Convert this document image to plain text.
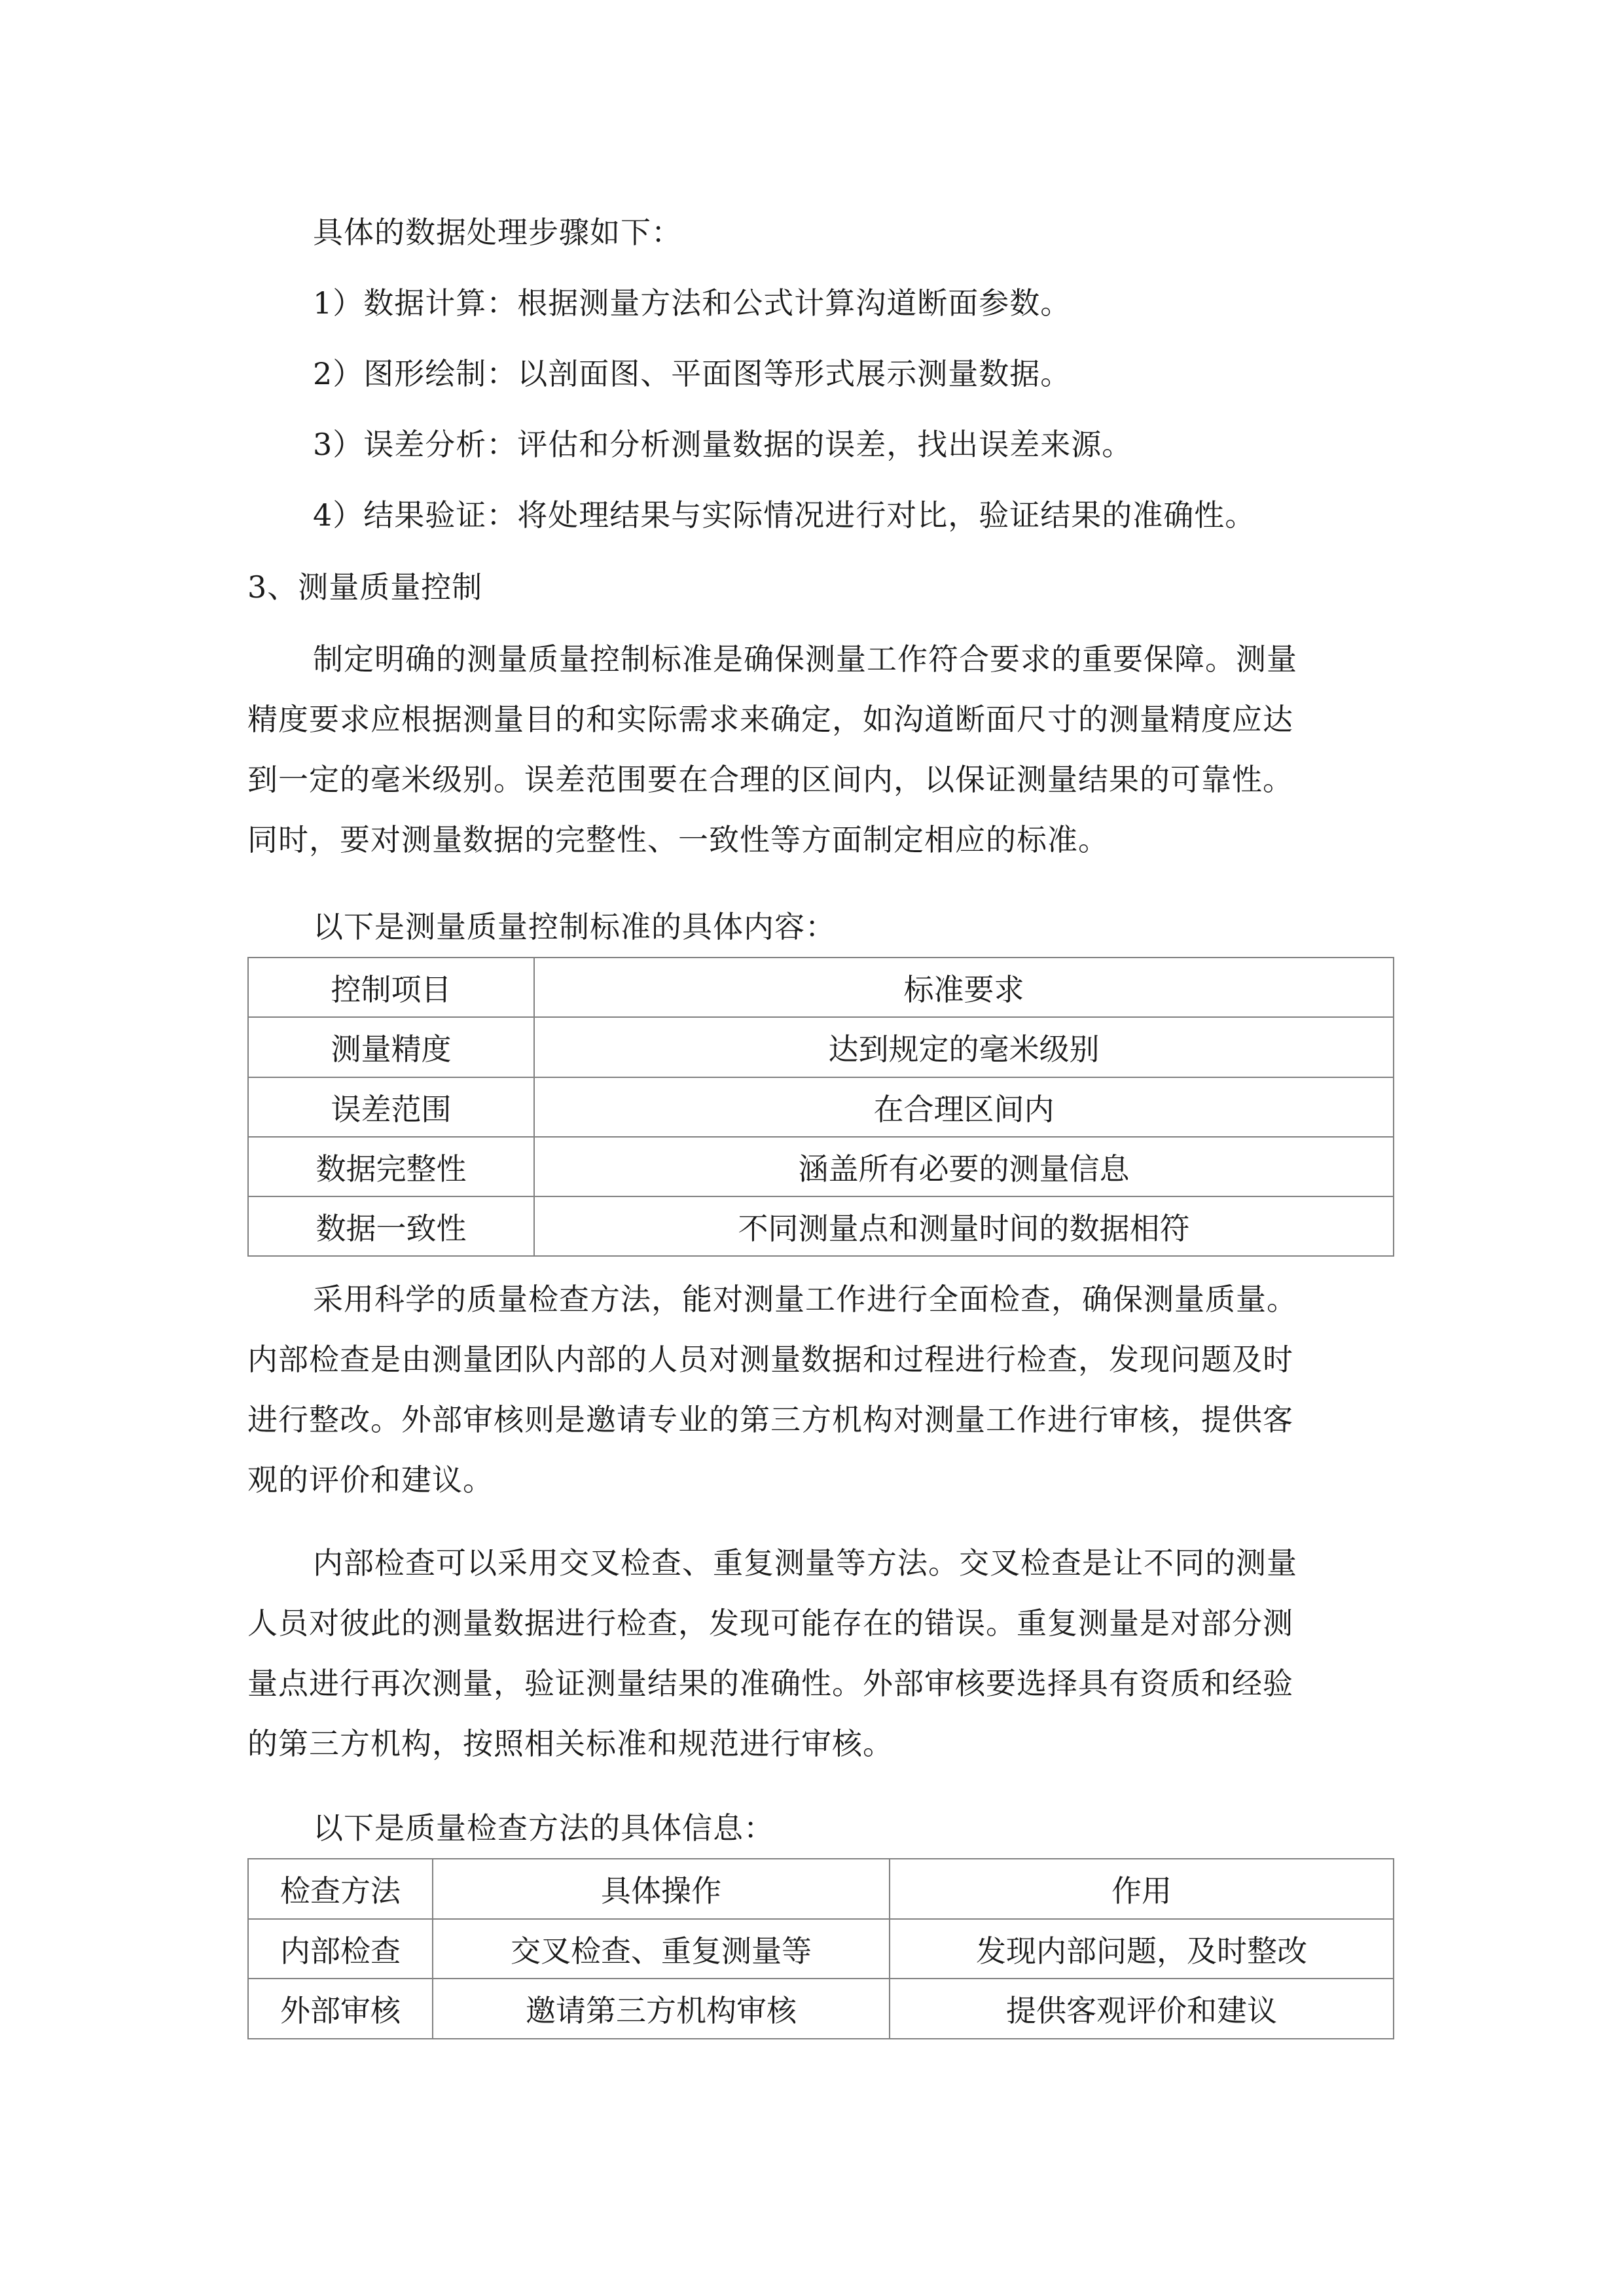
具体的数据处理步骤如下：
1）数据计算：根据测量方法和公式计算沟道断面参数。
2）图形绘制：以剖面图、平面图等形式展示测量数据。
3）误差分析：评估和分析测量数据的误差，找出误差来源。
4）结果验证：将处理结果与实际情况进行对比，验证结果的准确性。
3、测量质量控制
制定明确的测量质量控制标准是确保测量工作符合要求的重要保障。测量
精度要求应根据测量目的和实际需求来确定，如沟道断面尺寸的测量精度应达
到一定的毫米级别。误差范围要在合理的区间内，以保证测量结果的可靠性。
同时，要对测量数据的完整性、一致性等方面制定相应的标准。
以下是测量质量控制标准的具体内容：
控制项目	标准要求
测量精度	达到规定的毫米级别
误差范围	在合理区间内
数据完整性	涵盖所有必要的测量信息
数据一致性	不同测量点和测量时间的数据相符
采用科学的质量检查方法，能对测量工作进行全面检查，确保测量质量。
内部检查是由测量团队内部的人员对测量数据和过程进行检查，发现问题及时
进行整改。外部审核则是邀请专业的第三方机构对测量工作进行审核，提供客
观的评价和建议。
内部检查可以采用交叉检查、重复测量等方法。交叉检查是让不同的测量
人员对彼此的测量数据进行检查，发现可能存在的错误。重复测量是对部分测
量点进行再次测量，验证测量结果的准确性。外部审核要选择具有资质和经验
的第三方机构，按照相关标准和规范进行审核。
以下是质量检查方法的具体信息：
检查方法	具体操作	作用
内部检查	交叉检查、重复测量等	发现内部问题，及时整改
外部审核	邀请第三方机构审核	提供客观评价和建议
